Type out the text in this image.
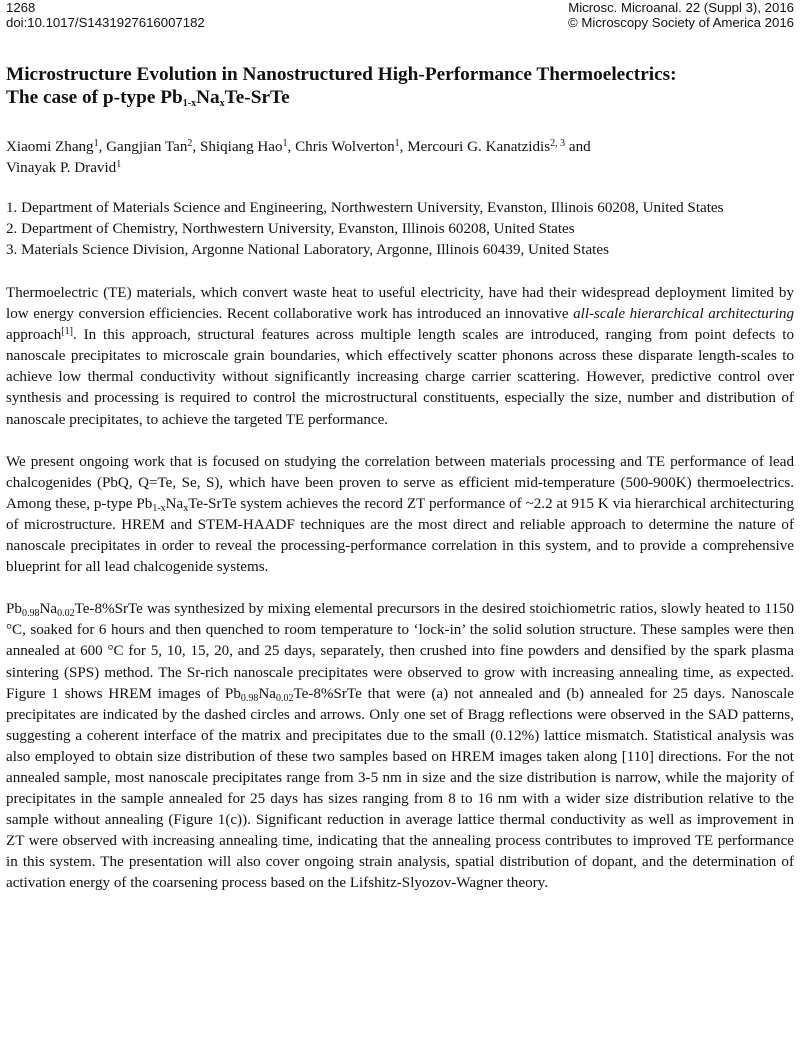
1268
doi:10.1017/S1431927616007182
Microsc. Microanal. 22 (Suppl 3), 2016
© Microscopy Society of America 2016
Microstructure Evolution in Nanostructured High-Performance Thermoelectrics:
The case of p-type $Pb_{1-x}Na_xTe$-SrTe
Xiaomi Zhang$^1$, Gangjian Tan$^2$, Shiqiang Hao$^1$, Chris Wolverton$^1$, Mercouri G. Kanatzidis$^{2, 3}$ and
Vinayak P. Dravid$^1$
1. Department of Materials Science and Engineering, Northwestern University, Evanston, Illinois 60208, United States
2. Department of Chemistry, Northwestern University, Evanston, Illinois 60208, United States
3. Materials Science Division, Argonne National Laboratory, Argonne, Illinois 60439, United States

Thermoelectric (TE) materials, which convert waste heat to useful electricity, have had their widespread deployment limited by low energy conversion efficiencies. Recent collaborative work has introduced an innovative all-scale hierarchical architecturing approach[1]. In this approach, structural features across multiple length scales are introduced, ranging from point defects to nanoscale precipitates to microscale grain boundaries, which effectively scatter phonons across these disparate length-scales to achieve low thermal conductivity without significantly increasing charge carrier scattering. However, predictive control over synthesis and processing is required to control the microstructural constituents, especially the size, number and distribution of nanoscale precipitates, to achieve the targeted TE performance.

We present ongoing work that is focused on studying the correlation between materials processing and TE performance of lead chalcogenides (PbQ, Q=Te, Se, S), which have been proven to serve as efficient mid-temperature (500-900K) thermoelectrics. Among these, p-type $Pb_{1-x}Na_xTe$-SrTe system achieves the record ZT performance of ~2.2 at 915 K via hierarchical architecturing of microstructure. HREM and STEM-HAADF techniques are the most direct and reliable approach to determine the nature of nanoscale precipitates in order to reveal the processing-performance correlation in this system, and to provide a comprehensive blueprint for all lead chalcogenide systems.

$Pb_{0.98}Na_{0.02}Te-8\%SrTe$ was synthesized by mixing elemental precursors in the desired stoichiometric ratios, slowly heated to 1150 °C, soaked for 6 hours and then quenched to room temperature to ‘lock-in’ the solid solution structure. These samples were then annealed at 600 °C for 5, 10, 15, 20, and 25 days, separately, then crushed into fine powders and densified by the spark plasma sintering (SPS) method. The Sr-rich nanoscale precipitates were observed to grow with increasing annealing time, as expected. Figure 1 shows HREM images of $Pb_{0.98}Na_{0.02}Te-8\%SrTe$ that were (a) not annealed and (b) annealed for 25 days. Nanoscale precipitates are indicated by the dashed circles and arrows. Only one set of Bragg reflections were observed in the SAD patterns, suggesting a coherent interface of the matrix and precipitates due to the small (0.12%) lattice mismatch. Statistical analysis was also employed to obtain size distribution of these two samples based on HREM images taken along [110] directions. For the not annealed sample, most nanoscale precipitates range from 3-5 nm in size and the size distribution is narrow, while the majority of precipitates in the sample annealed for 25 days has sizes ranging from 8 to 16 nm with a wider size distribution relative to the sample without annealing (Figure 1(c)). Significant reduction in average lattice thermal conductivity as well as improvement in ZT were observed with increasing annealing time, indicating that the annealing process contributes to improved TE performance in this system. The presentation will also cover ongoing strain analysis, spatial distribution of dopant, and the determination of activation energy of the coarsening process based on the Lifshitz-Slyozov-Wagner theory.
